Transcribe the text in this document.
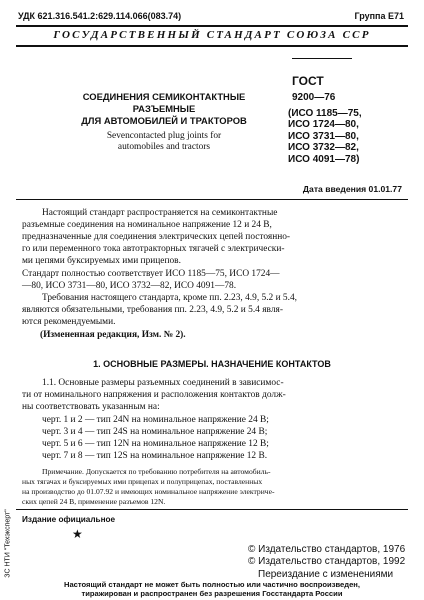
УДК 621.316.541.2:629.114.066(083.74)	Группа Е71
ГОСУДАРСТВЕННЫЙ СТАНДАРТ СОЮЗА ССР
СОЕДИНЕНИЯ СЕМИКОНТАКТНЫЕ
РАЗЪЕМНЫЕ
ДЛЯ АВТОМОБИЛЕЙ И ТРАКТОРОВ
Sevencontacted plug joints for
automobiles and tractors
ГОСТ
9200—76
(ИСО 1185—75,
ИСО 1724—80,
ИСО 3731—80,
ИСО 3732—82,
ИСО 4091—78)
Дата введения 01.01.77
Настоящий стандарт распространяется на семиконтактные
разъемные соединения на номинальное напряжение 12 и 24 В,
предназначенные для соединения электрических цепей постоянно-
го или переменного тока автотракторных тягачей с электрически-
ми цепями буксируемых ими прицепов.
Стандарт полностью соответствует ИСО 1185—75, ИСО 1724—
—80, ИСО 3731—80, ИСО 3732—82, ИСО 4091—78.
Требования настоящего стандарта, кроме пп. 2.23, 4.9, 5.2 и 5.4,
являются обязательными, требования пп. 2.23, 4.9, 5.2 и 5.4 явля-
ются рекомендуемыми.
(Измененная редакция, Изм. № 2).
1. ОСНОВНЫЕ РАЗМЕРЫ. НАЗНАЧЕНИЕ КОНТАКТОВ
1.1. Основные размеры разъемных соединений в зависимос-
ти от номинального напряжения и расположения контактов долж-
ны соответствовать указанным на:
черт. 1 и 2 — тип 24N на номинальное напряжение 24 В;
черт. 3 и 4 — тип 24S на номинальное напряжение 24 В;
черт. 5 и 6 — тип 12N на номинальное напряжение 12 В;
черт. 7 и 8 — тип 12S на номинальное напряжение 12 В.
Примечание. Допускается по требованию потребителя на автомобиль-
ных тягачах и буксируемых ими прицепах и полуприцепах, поставленных
на производство до 01.07.92 и имеющих номинальное напряжение электриче-
ских цепей 24 В, применение разъемов 12N.
Издание официальное
★
© Издательство стандартов, 1976
© Издательство стандартов, 1992
Переиздание с изменениями
Настоящий стандарт не может быть полностью или частично воспроизведен,
тиражирован и распространен без разрешения Госстандарта России
ЗС НТИ "Техэксперт"
